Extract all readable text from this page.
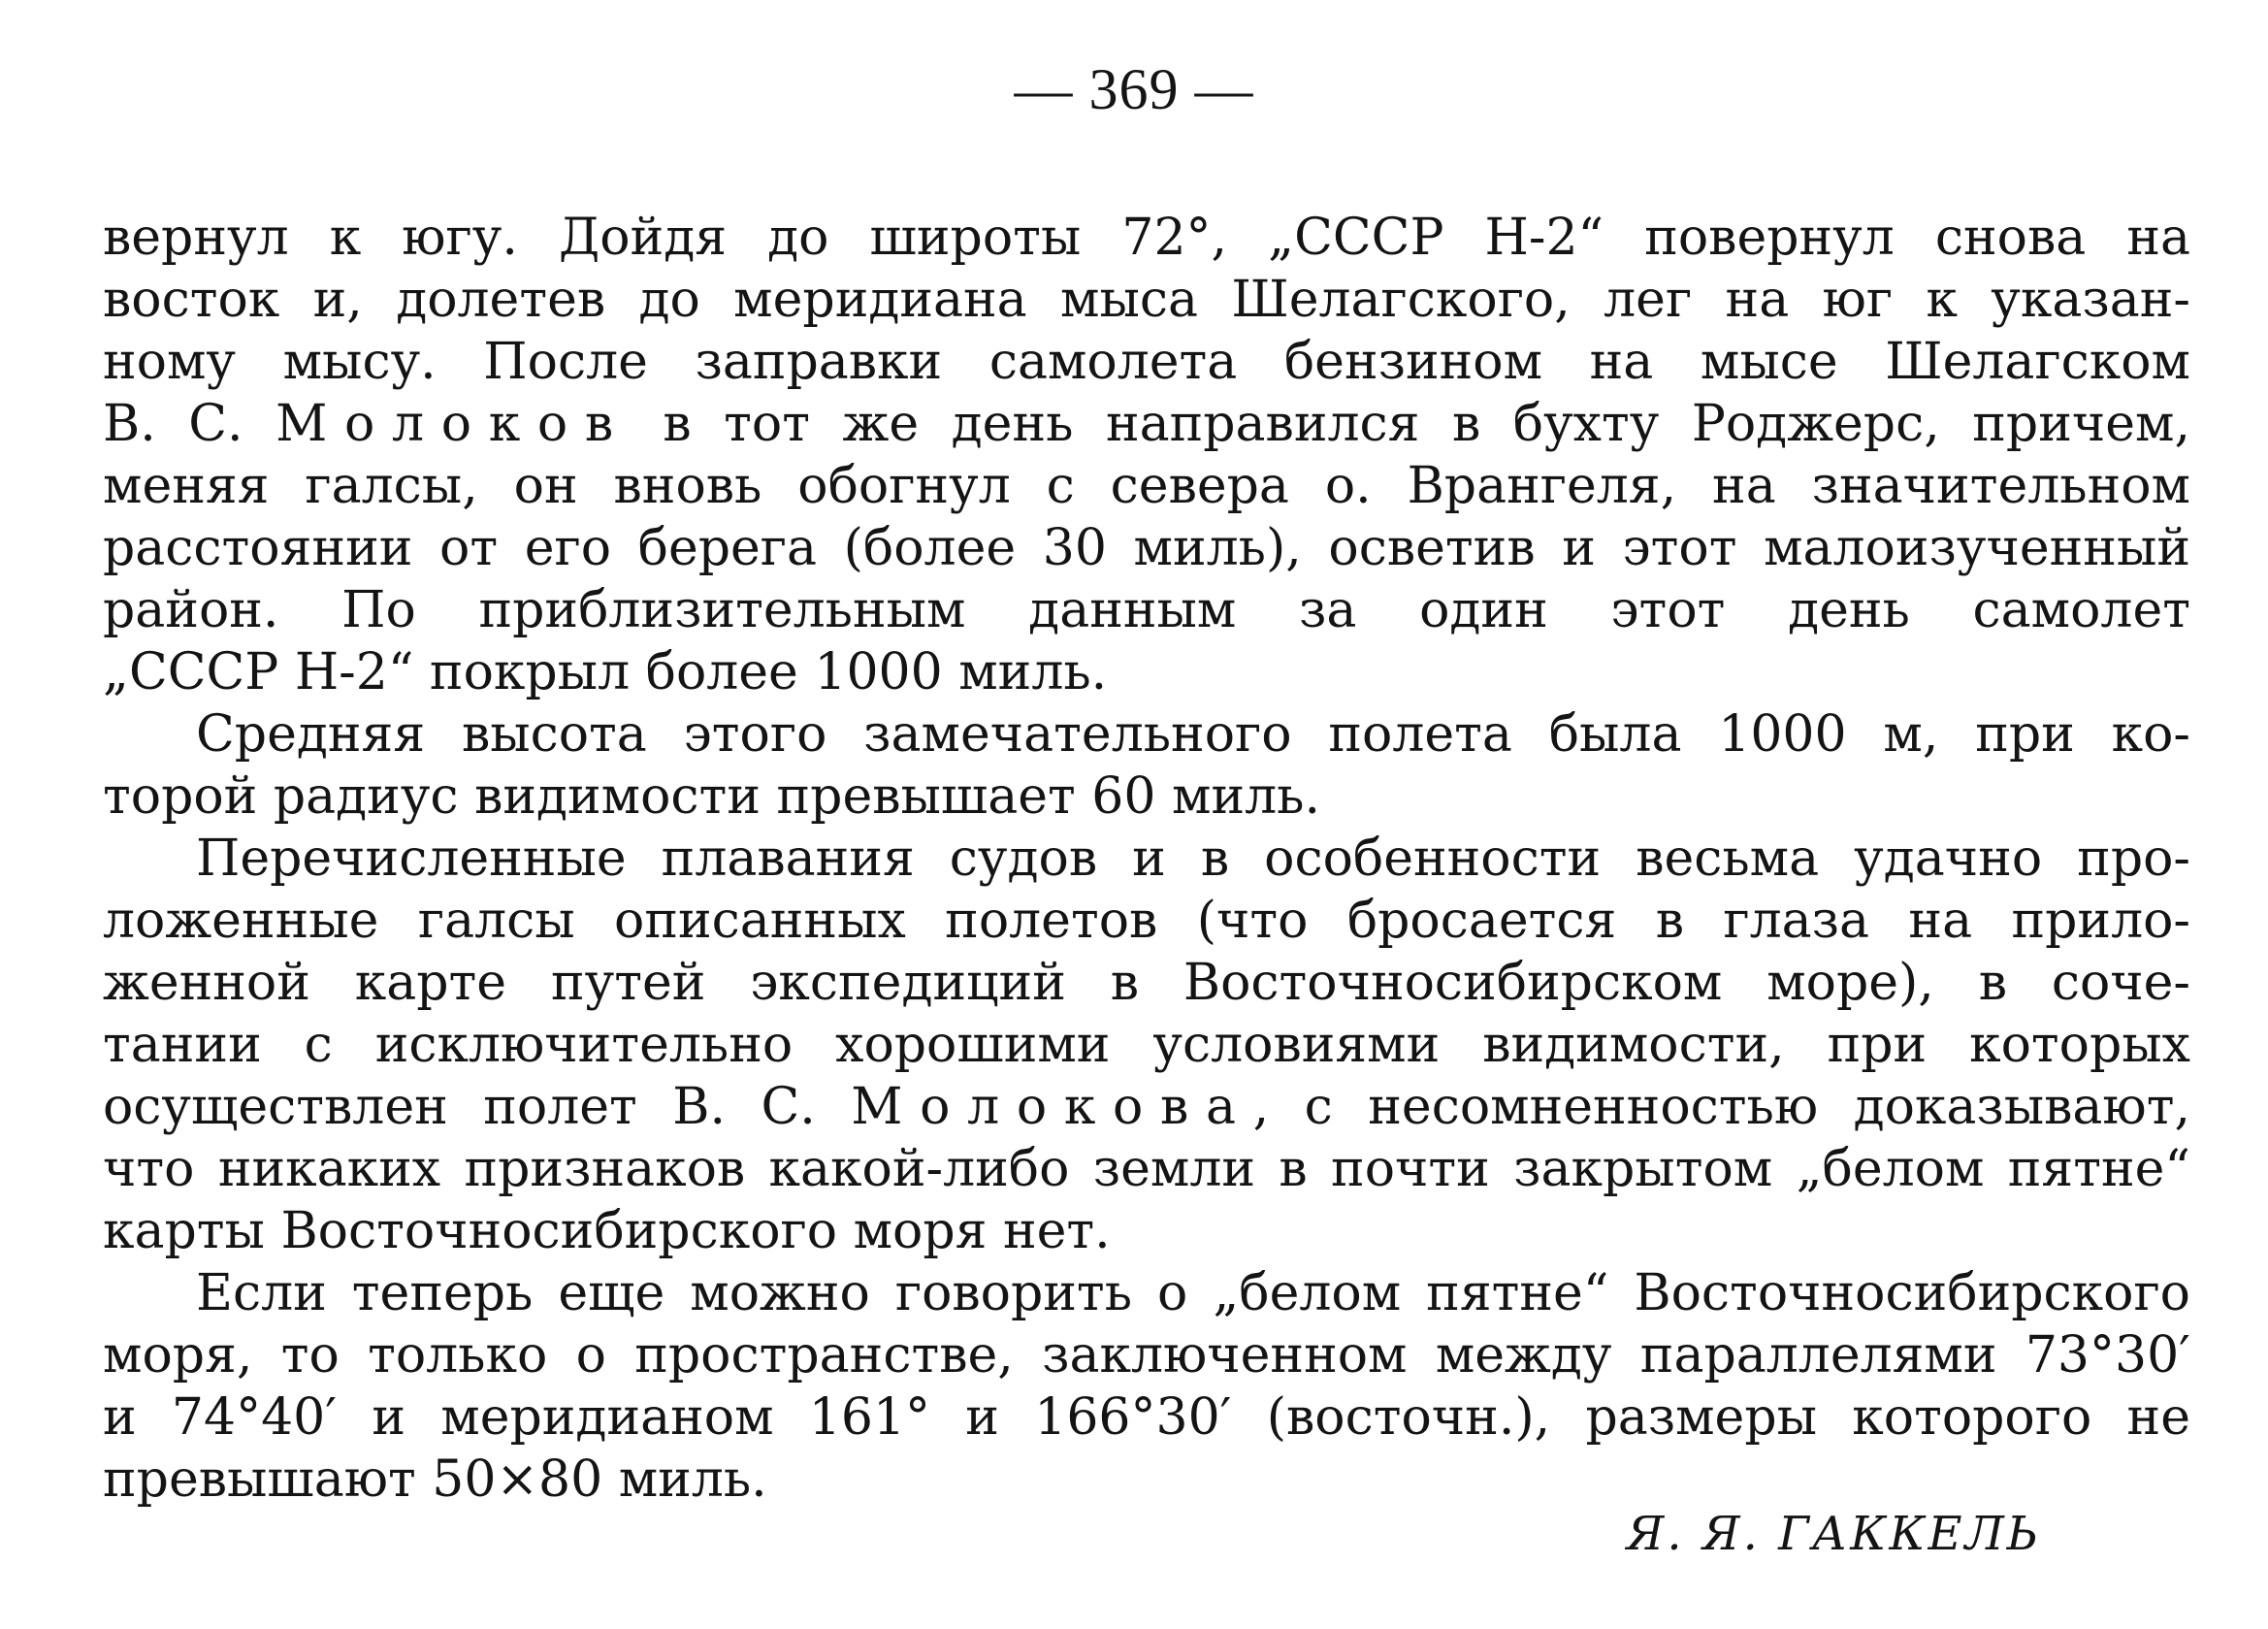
— 369 —
вернул к югу. Дойдя до широты 72°, „СССР Н-2“ повернул снова на
восток и, долетев до меридиана мыса Шелагского, лег на юг к указан-
ному мысу. После заправки самолета бензином на мысе Шелагском
В. С. Молоков в тот же день направился в бухту Роджерс, причем,
меняя галсы, он вновь обогнул с севера о. Врангеля, на значительном
расстоянии от его берега (более 30 миль), осветив и этот малоизученный
район. По приблизительным данным за один этот день самолет
„СССР Н-2“ покрыл более 1000 миль.
Средняя высота этого замечательного полета была 1000 м, при ко-
торой радиус видимости превышает 60 миль.
Перечисленные плавания судов и в особенности весьма удачно про-
ложенные галсы описанных полетов (что бросается в глаза на прило-
женной карте путей экспедиций в Восточносибирском море), в соче-
тании с исключительно хорошими условиями видимости, при которых
осуществлен полет В. С. Молокова, с несомненностью доказывают,
что никаких признаков какой-либо земли в почти закрытом „белом пятне“
карты Восточносибирского моря нет.
Если теперь еще можно говорить о „белом пятне“ Восточносибирского
моря, то только о пространстве, заключенном между параллелями 73°30′
и 74°40′ и меридианом 161° и 166°30′ (восточн.), размеры которого не
превышают 50×80 миль.
Я. Я. ГАККЕЛЬ
